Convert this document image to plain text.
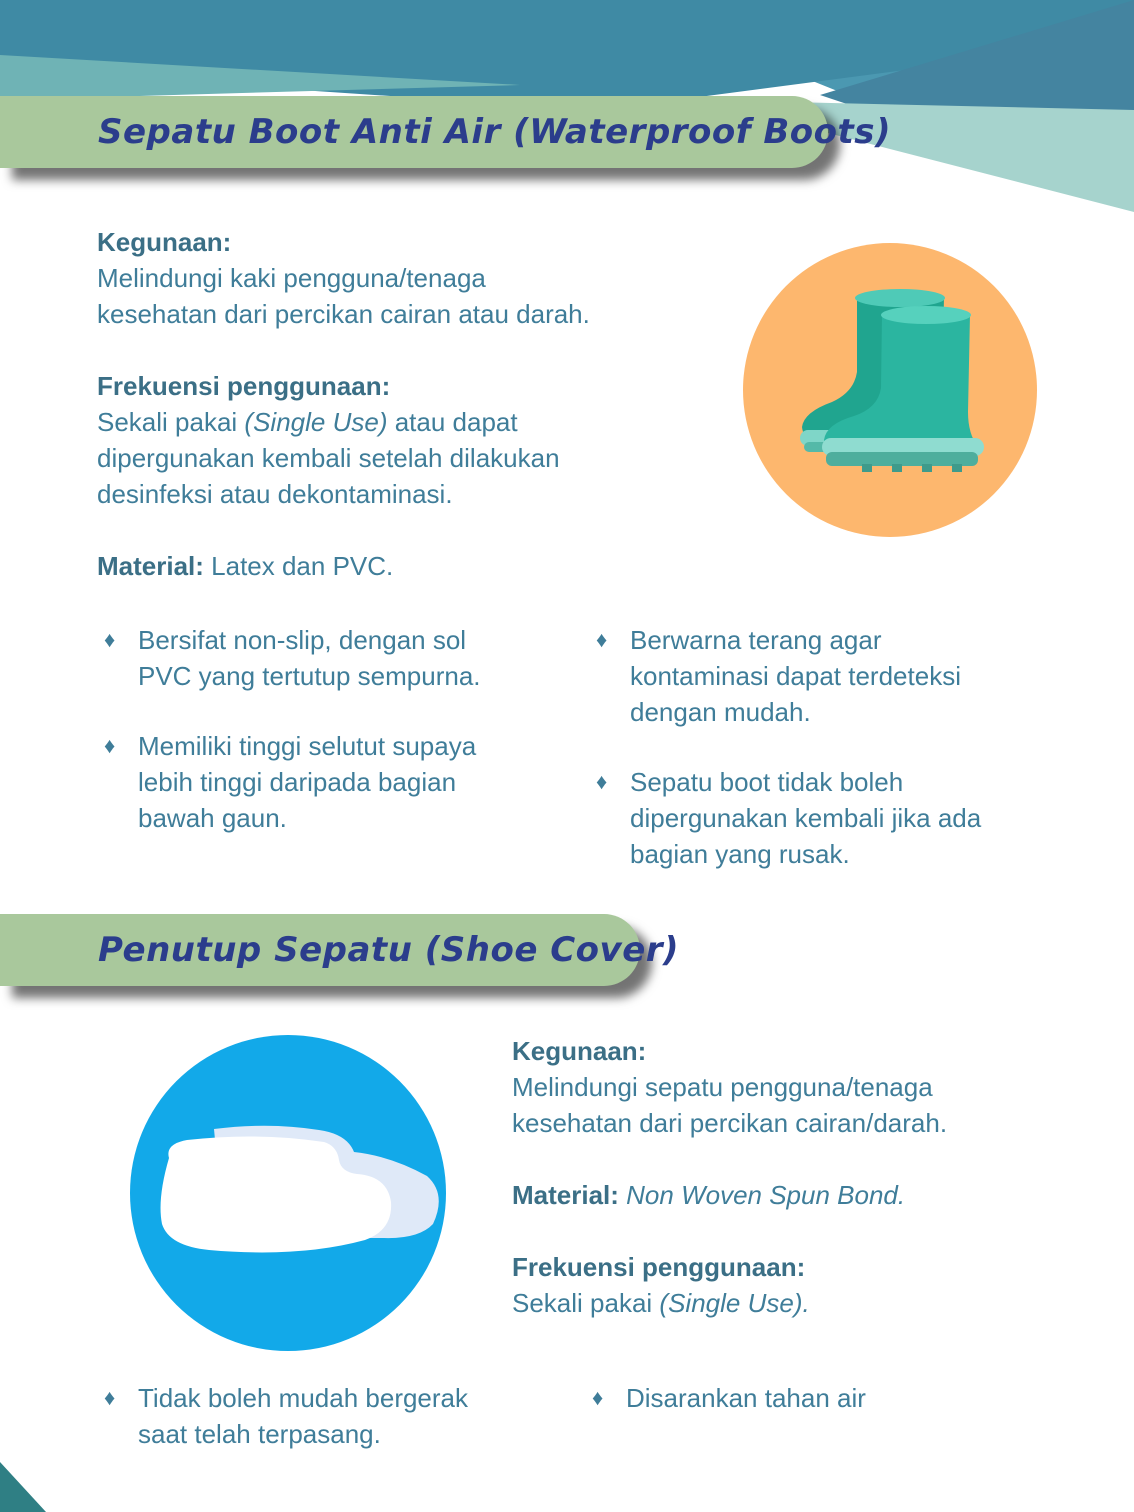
Sepatu Boot Anti Air (Waterproof Boots)
Kegunaan:
Melindungi kaki pengguna/tenaga
kesehatan dari percikan cairan atau darah.
Frekuensi penggunaan:
Sekali pakai (Single Use) atau dapat
dipergunakan kembali setelah dilakukan
desinfeksi atau dekontaminasi.
Material: Latex dan PVC.
♦ Bersifat non-slip, dengan sol
PVC yang tertutup sempurna.
♦ Memiliki tinggi selutut supaya
lebih tinggi daripada bagian
bawah gaun.
♦ Berwarna terang agar
kontaminasi dapat terdeteksi
dengan mudah.
♦ Sepatu boot tidak boleh
dipergunakan kembali jika ada
bagian yang rusak.
Penutup Sepatu (Shoe Cover)
Kegunaan:
Melindungi sepatu pengguna/tenaga
kesehatan dari percikan cairan/darah.
Material: Non Woven Spun Bond.
Frekuensi penggunaan:
Sekali pakai (Single Use).
♦ Tidak boleh mudah bergerak
saat telah terpasang.
♦ Disarankan tahan air
